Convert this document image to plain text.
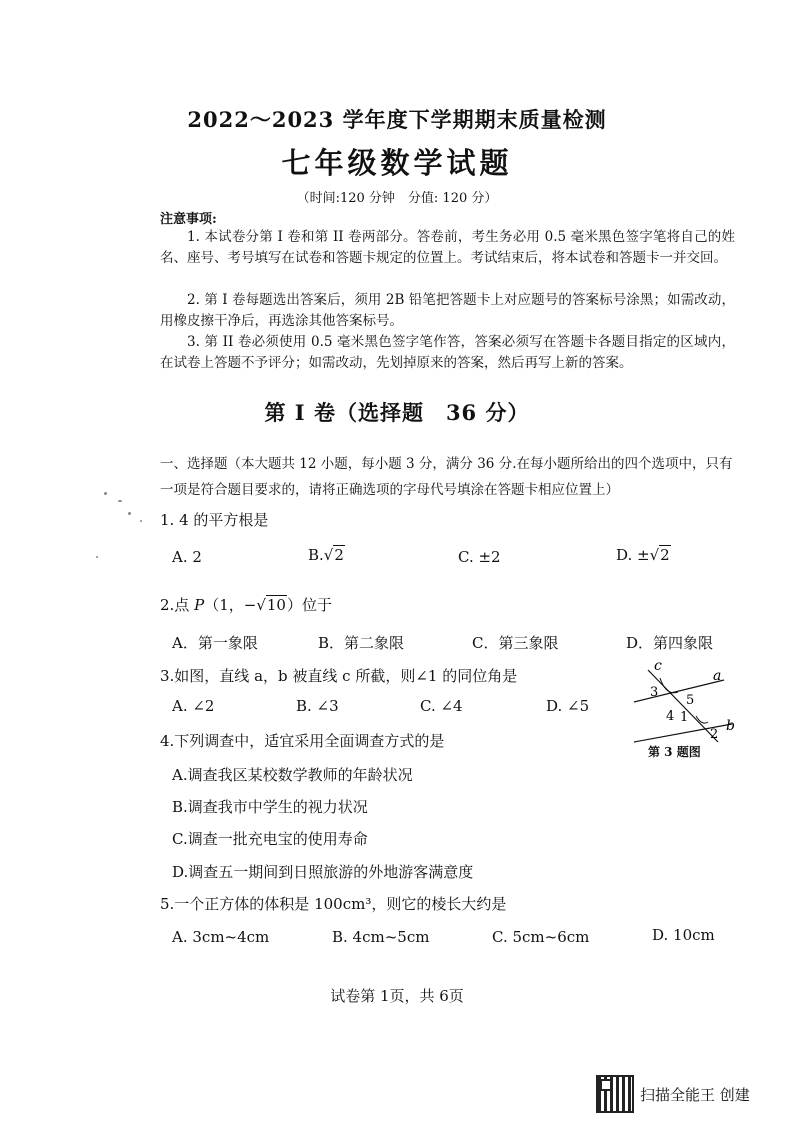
2022～2023 学年度下学期期末质量检测
七年级数学试题
（时间:120 分钟　分值: 120 分）
注意事项:
1. 本试卷分第 I 卷和第 II 卷两部分。答卷前，考生务必用 0.5 毫米黑色签字笔将自己的姓名、座号、考号填写在试卷和答题卡规定的位置上。考试结束后，将本试卷和答题卡一并交回。
2. 第 I 卷每题选出答案后，须用 2B 铅笔把答题卡上对应题号的答案标号涂黑；如需改动，用橡皮擦干净后，再选涂其他答案标号。
3. 第 II 卷必须使用 0.5 毫米黑色签字笔作答，答案必须写在答题卡各题目指定的区域内，在试卷上答题不予评分；如需改动，先划掉原来的答案，然后再写上新的答案。
第 I 卷（选择题　36 分）
一、选择题（本大题共 12 小题，每小题 3 分，满分 36 分.在每小题所给出的四个选项中，只有一项是符合题目要求的，请将正确选项的字母代号填涂在答题卡相应位置上）
1. 4 的平方根是
A. 2	B.√2	C. ±2	D. ±√2
2.点 P（1，−√10）位于
A．第一象限	B．第二象限	C．第三象限	D．第四象限
3.如图，直线 a，b 被直线 c 所截，则∠1 的同位角是
A. ∠2	B. ∠3	C. ∠4	D. ∠5
c
a
b
3
5
4 1
2
第 3 题图
4.下列调查中，适宜采用全面调查方式的是
A.调查我区某校数学教师的年龄状况
B.调查我市中学生的视力状况
C.调查一批充电宝的使用寿命
D.调查五一期间到日照旅游的外地游客满意度
5.一个正方体的体积是 100cm³，则它的棱长大约是
A. 3cm~4cm	B. 4cm~5cm	C. 5cm~6cm	D. 10cm
试卷第 1页，共 6页
扫描全能王 创建
